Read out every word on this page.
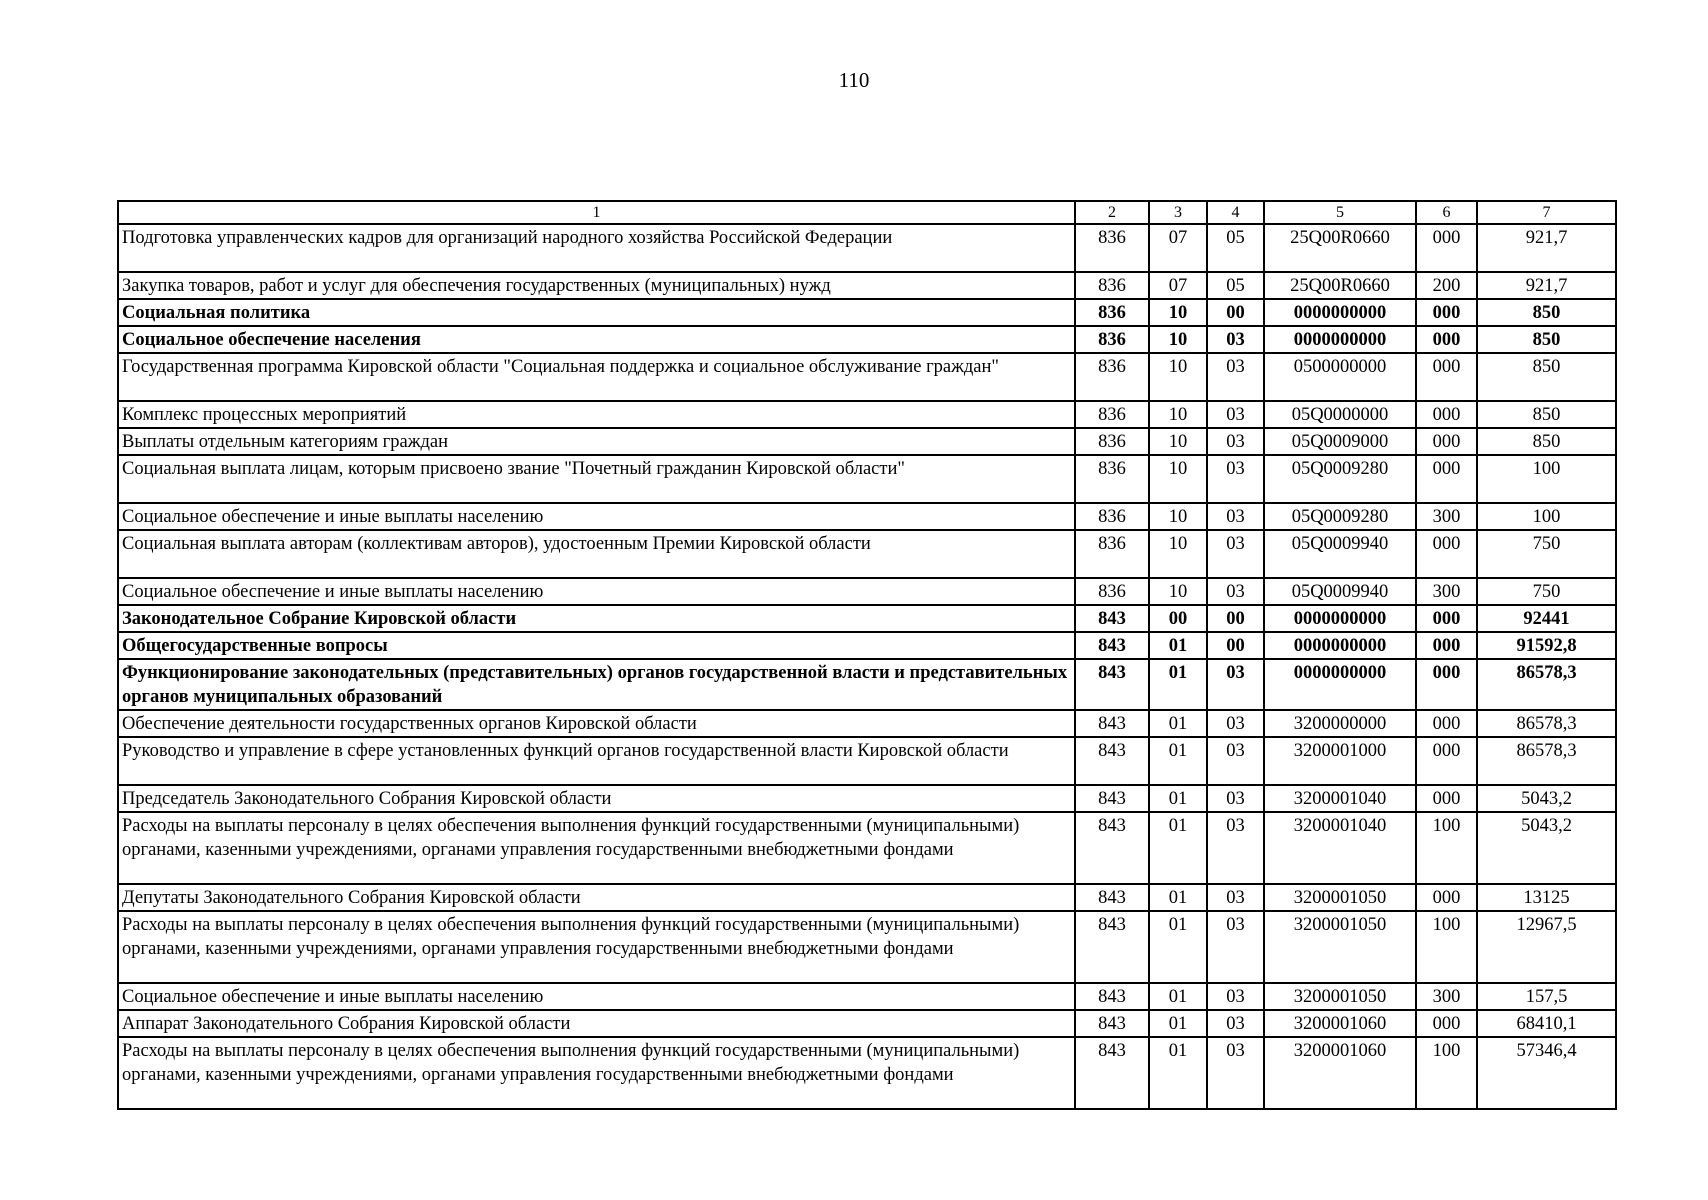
110
1	2	3	4	5	6	7
Подготовка управленческих кадров для организаций народного хозяйства Российской Федерации	836	07	05	25Q00R0660	000	921,7
Закупка товаров, работ и услуг для обеспечения государственных (муниципальных) нужд	836	07	05	25Q00R0660	200	921,7
Социальная политика	836	10	00	0000000000	000	850
Социальное обеспечение населения	836	10	03	0000000000	000	850
Государственная программа Кировской области "Социальная поддержка и социальное обслуживание граждан"	836	10	03	0500000000	000	850
Комплекс процессных мероприятий	836	10	03	05Q0000000	000	850
Выплаты отдельным категориям граждан	836	10	03	05Q0009000	000	850
Социальная выплата лицам, которым присвоено звание "Почетный гражданин Кировской области"	836	10	03	05Q0009280	000	100
Социальное обеспечение и иные выплаты населению	836	10	03	05Q0009280	300	100
Социальная выплата авторам (коллективам авторов), удостоенным Премии Кировской области	836	10	03	05Q0009940	000	750
Социальное обеспечение и иные выплаты населению	836	10	03	05Q0009940	300	750
Законодательное Собрание Кировской области	843	00	00	0000000000	000	92441
Общегосударственные вопросы	843	01	00	0000000000	000	91592,8
Функционирование законодательных (представительных) органов государственной власти и представительных органов муниципальных образований	843	01	03	0000000000	000	86578,3
Обеспечение деятельности государственных органов Кировской области	843	01	03	3200000000	000	86578,3
Руководство и управление в сфере установленных функций органов государственной власти Кировской области	843	01	03	3200001000	000	86578,3
Председатель Законодательного Собрания Кировской области	843	01	03	3200001040	000	5043,2
Расходы на выплаты персоналу в целях обеспечения выполнения функций государственными (муниципальными) органами, казенными учреждениями, органами управления государственными внебюджетными фондами	843	01	03	3200001040	100	5043,2
Депутаты Законодательного Собрания Кировской области	843	01	03	3200001050	000	13125
Расходы на выплаты персоналу в целях обеспечения выполнения функций государственными (муниципальными) органами, казенными учреждениями, органами управления государственными внебюджетными фондами	843	01	03	3200001050	100	12967,5
Социальное обеспечение и иные выплаты населению	843	01	03	3200001050	300	157,5
Аппарат Законодательного Собрания Кировской области	843	01	03	3200001060	000	68410,1
Расходы на выплаты персоналу в целях обеспечения выполнения функций государственными (муниципальными) органами, казенными учреждениями, органами управления государственными внебюджетными фондами	843	01	03	3200001060	100	57346,4
